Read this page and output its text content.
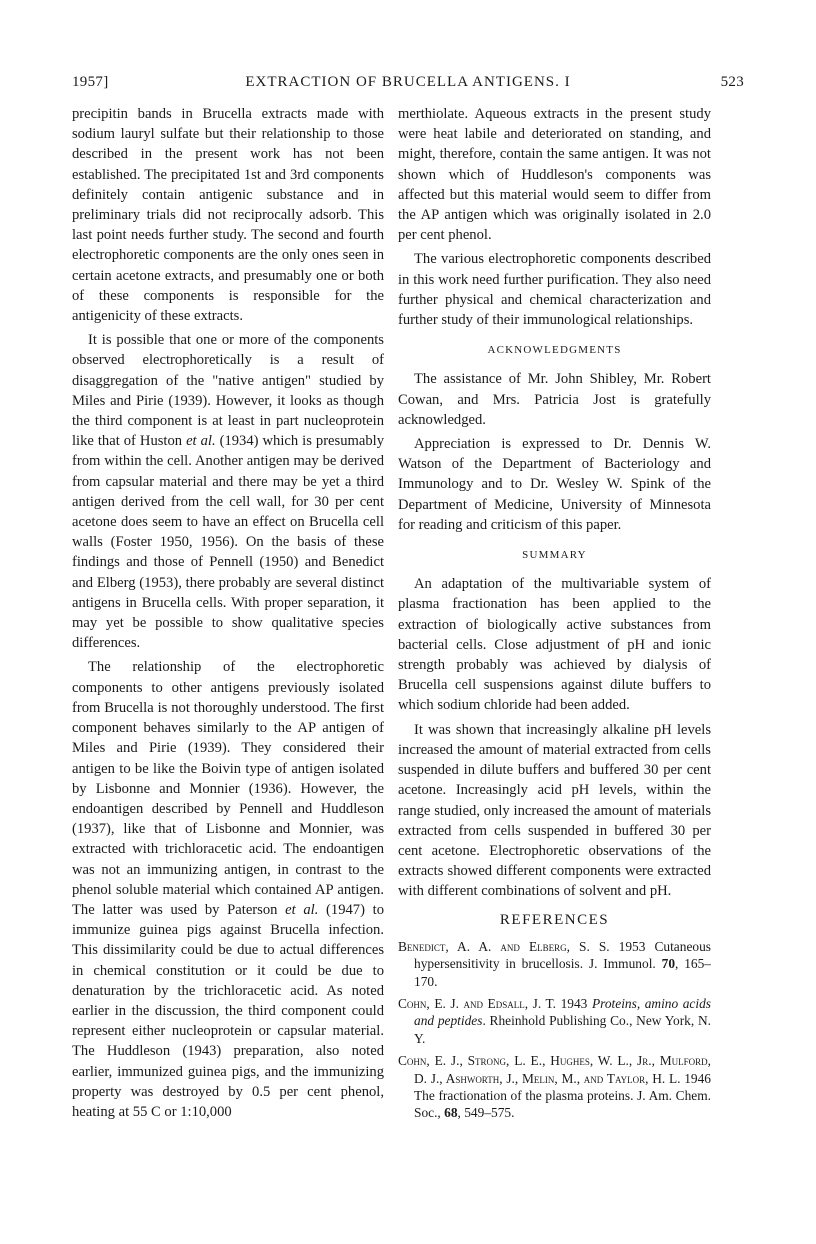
1957]	EXTRACTION OF BRUCELLA ANTIGENS. I	523

precipitin bands in Brucella extracts made with sodium lauryl sulfate but their relationship to those described in the present work has not been established. The precipitated 1st and 3rd components definitely contain antigenic substance and in preliminary trials did not reciprocally adsorb. This last point needs further study. The second and fourth electrophoretic components are the only ones seen in certain acetone extracts, and presumably one or both of these components is responsible for the antigenicity of these extracts.

It is possible that one or more of the components observed electrophoretically is a result of disaggregation of the "native antigen" studied by Miles and Pirie (1939). However, it looks as though the third component is at least in part nucleoprotein like that of Huston et al. (1934) which is presumably from within the cell. Another antigen may be derived from capsular material and there may be yet a third antigen derived from the cell wall, for 30 per cent acetone does seem to have an effect on Brucella cell walls (Foster 1950, 1956). On the basis of these findings and those of Pennell (1950) and Benedict and Elberg (1953), there probably are several distinct antigens in Brucella cells. With proper separation, it may yet be possible to show qualitative species differences.

The relationship of the electrophoretic components to other antigens previously isolated from Brucella is not thoroughly understood. The first component behaves similarly to the AP antigen of Miles and Pirie (1939). They considered their antigen to be like the Boivin type of antigen isolated by Lisbonne and Monnier (1936). However, the endoantigen described by Pennell and Huddleson (1937), like that of Lisbonne and Monnier, was extracted with trichloracetic acid. The endoantigen was not an immunizing antigen, in contrast to the phenol soluble material which contained AP antigen. The latter was used by Paterson et al. (1947) to immunize guinea pigs against Brucella infection. This dissimilarity could be due to actual differences in chemical constitution or it could be due to denaturation by the trichloracetic acid. As noted earlier in the discussion, the third component could represent either nucleoprotein or capsular material. The Huddleson (1943) preparation, also noted earlier, immunized guinea pigs, and the immunizing property was destroyed by 0.5 per cent phenol, heating at 55 C or 1:10,000

merthiolate. Aqueous extracts in the present study were heat labile and deteriorated on standing, and might, therefore, contain the same antigen. It was not shown which of Huddleson's components was affected but this material would seem to differ from the AP antigen which was originally isolated in 2.0 per cent phenol.

The various electrophoretic components described in this work need further purification. They also need further physical and chemical characterization and further study of their immunological relationships.

ACKNOWLEDGMENTS

The assistance of Mr. John Shibley, Mr. Robert Cowan, and Mrs. Patricia Jost is gratefully acknowledged.

Appreciation is expressed to Dr. Dennis W. Watson of the Department of Bacteriology and Immunology and to Dr. Wesley W. Spink of the Department of Medicine, University of Minnesota for reading and criticism of this paper.

SUMMARY

An adaptation of the multivariable system of plasma fractionation has been applied to the extraction of biologically active substances from bacterial cells. Close adjustment of pH and ionic strength probably was achieved by dialysis of Brucella cell suspensions against dilute buffers to which sodium chloride had been added.

It was shown that increasingly alkaline pH levels increased the amount of material extracted from cells suspended in dilute buffers and buffered 30 per cent acetone. Increasingly acid pH levels, within the range studied, only increased the amount of materials extracted from cells suspended in buffered 30 per cent acetone. Electrophoretic observations of the extracts showed different components were extracted with different combinations of solvent and pH.

REFERENCES
Benedict, A. A. and Elberg, S. S. 1953 Cutaneous hypersensitivity in brucellosis. J. Immunol. 70, 165–170.
Cohn, E. J. and Edsall, J. T. 1943 Proteins, amino acids and peptides. Rheinhold Publishing Co., New York, N. Y.
Cohn, E. J., Strong, L. E., Hughes, W. L., Jr., Mulford, D. J., Ashworth, J., Melin, M., and Taylor, H. L. 1946 The fractionation of the plasma proteins. J. Am. Chem. Soc., 68, 549–575.
